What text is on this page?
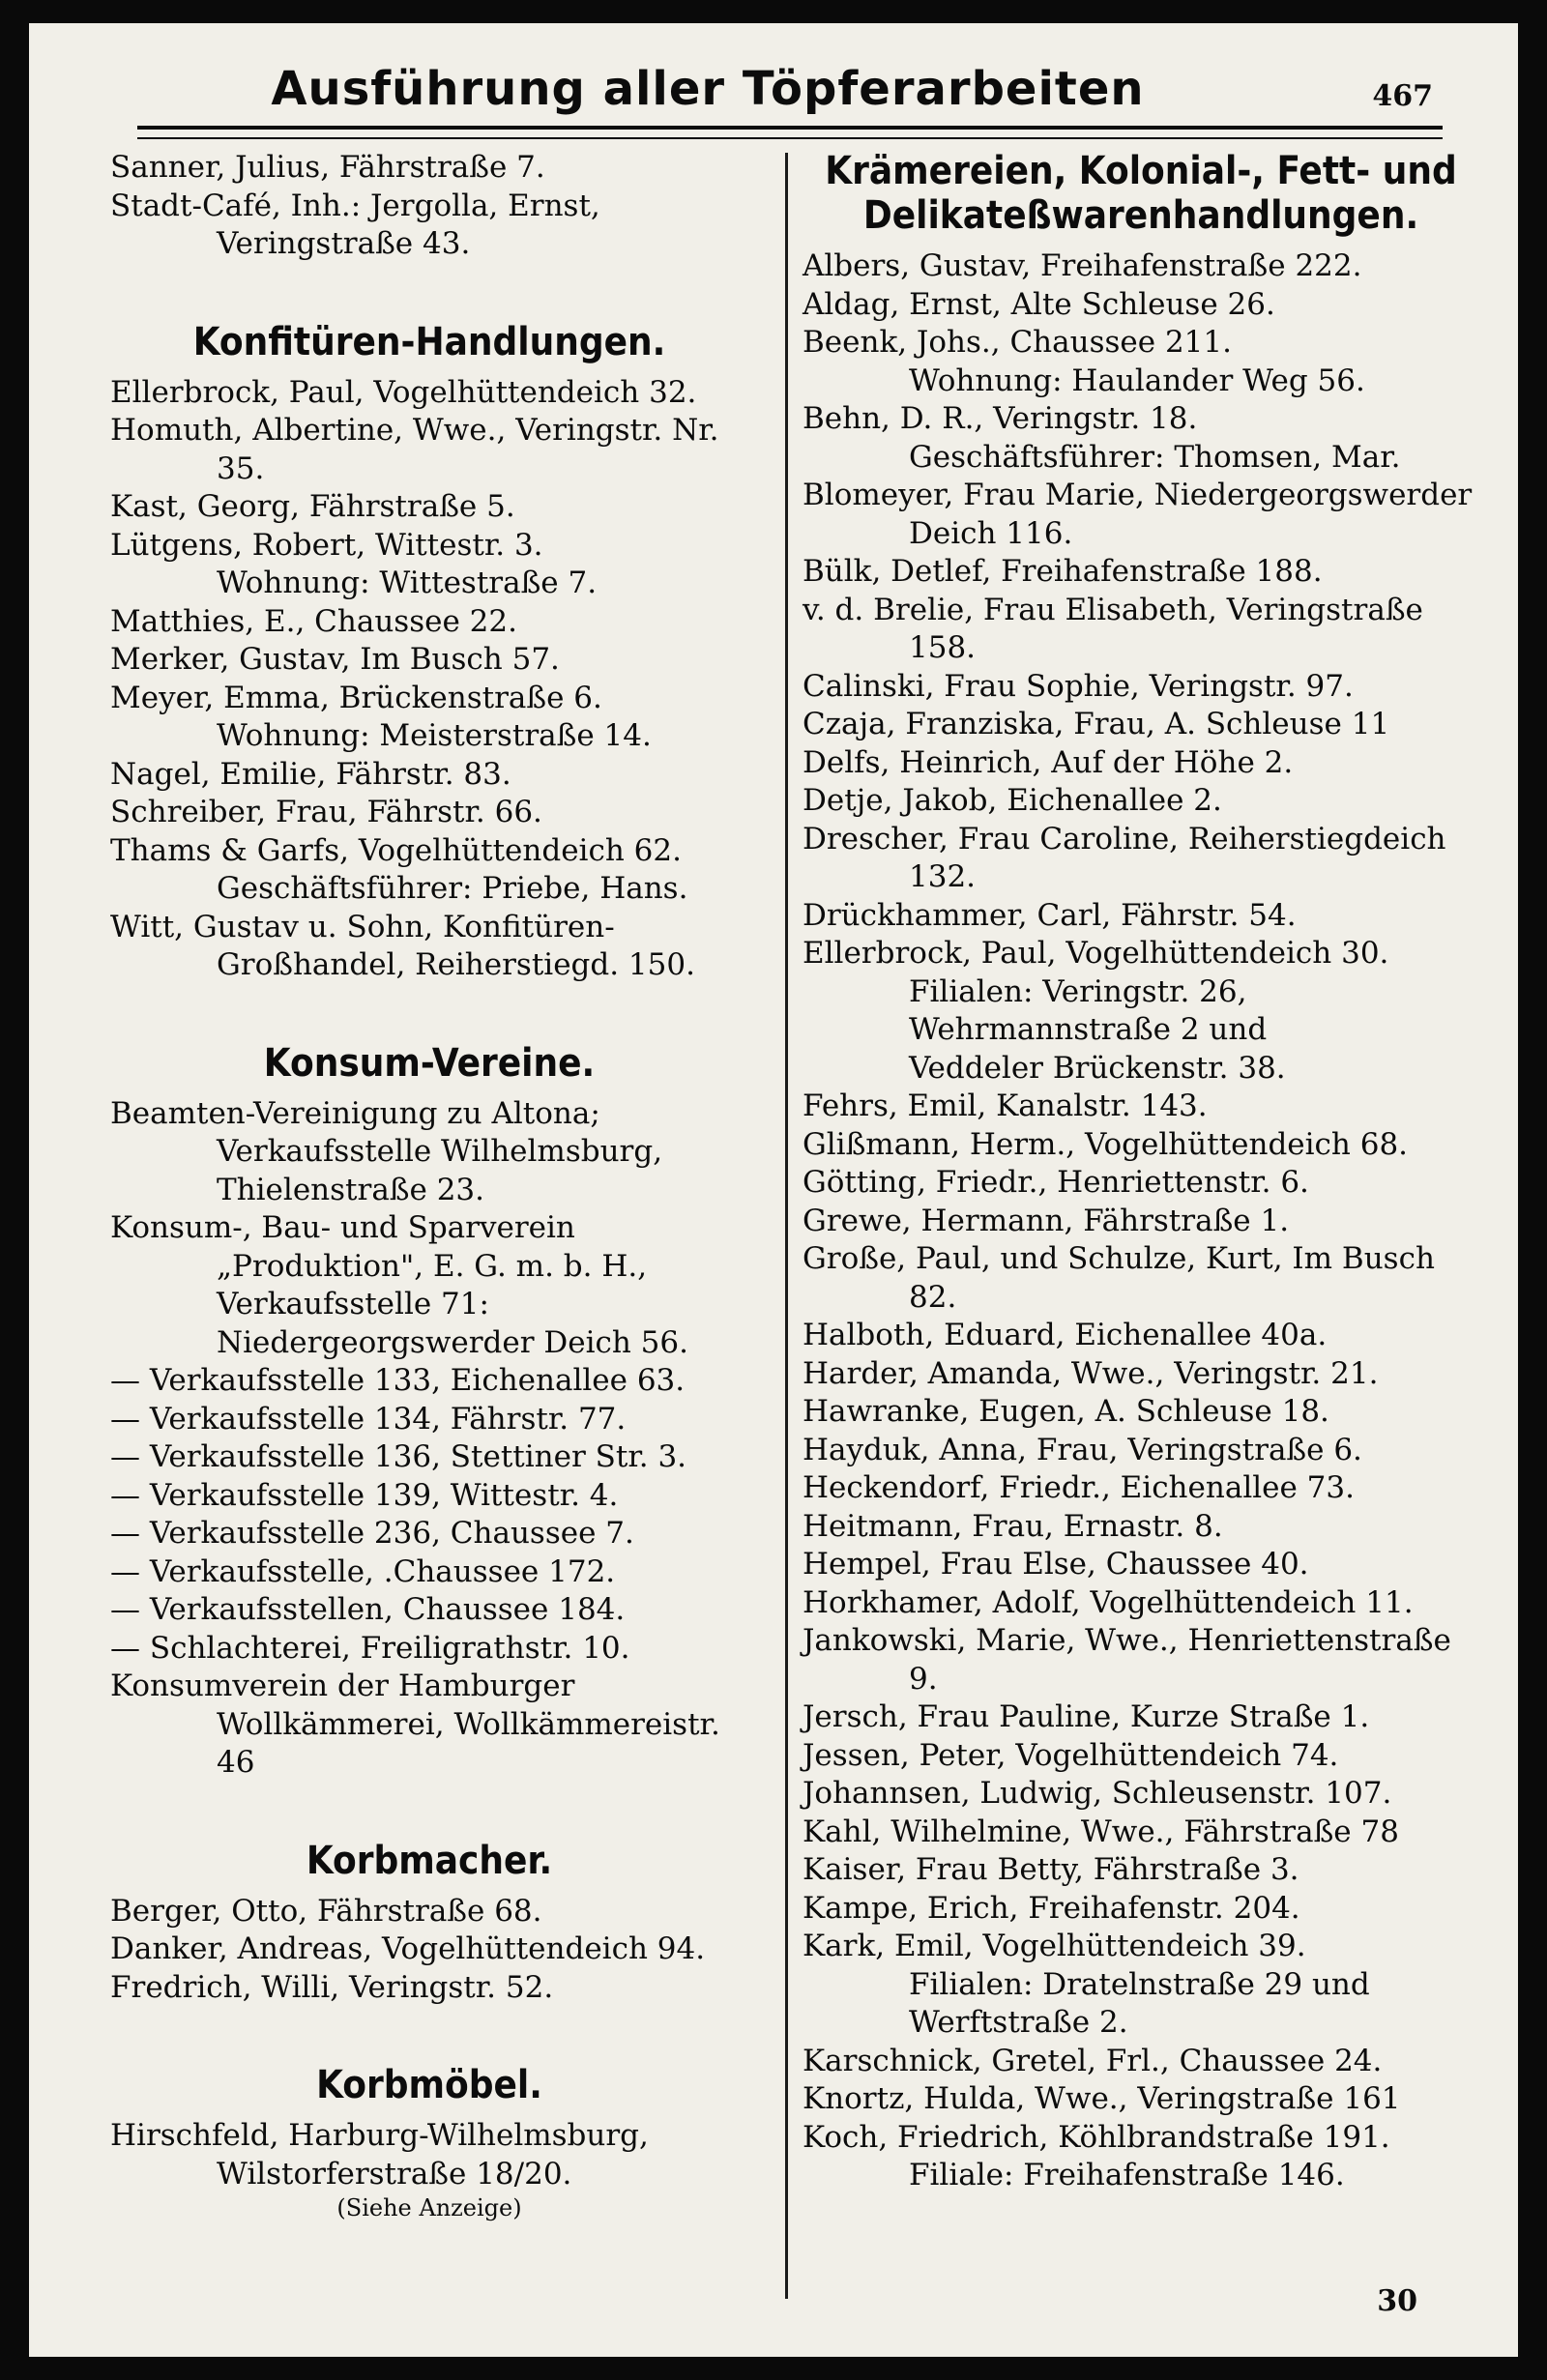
Ausführung aller Töpferarbeiten	467

Sanner, Julius, Fährstraße 7.

Stadt-Café, Inh.: Jergolla, Ernst, Veringstraße 43.

Konfitüren-Handlungen.

Ellerbrock, Paul, Vogelhüttendeich 32.

Homuth, Albertine, Wwe., Veringstr. Nr. 35.

Kast, Georg, Fährstraße 5.

Lütgens, Robert, Wittestr. 3.

Wohnung: Wittestraße 7.

Matthies, E., Chaussee 22.

Merker, Gustav, Im Busch 57.

Meyer, Emma, Brückenstraße 6.

Wohnung: Meisterstraße 14.

Nagel, Emilie, Fährstr. 83.

Schreiber, Frau, Fährstr. 66.

Thams & Garfs, Vogelhüttendeich 62.

Geschäftsführer: Priebe, Hans.

Witt, Gustav u. Sohn, Konfitüren-Großhandel, Reiherstiegd. 150.

Konsum-Vereine.

Beamten-Vereinigung zu Altona; Verkaufsstelle Wilhelmsburg, Thielenstraße 23.

Konsum-, Bau- und Sparverein „Produktion", E. G. m. b. H., Verkaufsstelle 71: Niedergeorgswerder Deich 56.

— Verkaufsstelle 133, Eichenallee 63.

— Verkaufsstelle 134, Fährstr. 77.

— Verkaufsstelle 136, Stettiner Str. 3.

— Verkaufsstelle 139, Wittestr. 4.

— Verkaufsstelle 236, Chaussee 7.

— Verkaufsstelle, .Chaussee 172.

— Verkaufsstellen, Chaussee 184.

— Schlachterei, Freiligrathstr. 10.

Konsumverein der Hamburger Wollkämmerei, Wollkämmereistr. 46

Korbmacher.

Berger, Otto, Fährstraße 68.

Danker, Andreas, Vogelhüttendeich 94.

Fredrich, Willi, Veringstr. 52.

Korbmöbel.

Hirschfeld, Harburg-Wilhelmsburg, Wilstorferstraße 18/20.

(Siehe Anzeige)
Krämereien, Kolonial-, Fett- und Delikateßwarenhandlungen.

Albers, Gustav, Freihafenstraße 222.

Aldag, Ernst, Alte Schleuse 26.

Beenk, Johs., Chaussee 211.

Wohnung: Haulander Weg 56.

Behn, D. R., Veringstr. 18.

Geschäftsführer: Thomsen, Mar.

Blomeyer, Frau Marie, Niedergeorgswerder Deich 116.

Bülk, Detlef, Freihafenstraße 188.

v. d. Brelie, Frau Elisabeth, Veringstraße 158.

Calinski, Frau Sophie, Veringstr. 97.

Czaja, Franziska, Frau, A. Schleuse 11

Delfs, Heinrich, Auf der Höhe 2.

Detje, Jakob, Eichenallee 2.

Drescher, Frau Caroline, Reiherstiegdeich 132.

Drückhammer, Carl, Fährstr. 54.

Ellerbrock, Paul, Vogelhüttendeich 30.

Filialen: Veringstr. 26,

Wehrmannstraße 2 und

Veddeler Brückenstr. 38.

Fehrs, Emil, Kanalstr. 143.

Glißmann, Herm., Vogelhüttendeich 68.

Götting, Friedr., Henriettenstr. 6.

Grewe, Hermann, Fährstraße 1.

Große, Paul, und Schulze, Kurt, Im Busch 82.

Halboth, Eduard, Eichenallee 40a.

Harder, Amanda, Wwe., Veringstr. 21.

Hawranke, Eugen, A. Schleuse 18.

Hayduk, Anna, Frau, Veringstraße 6.

Heckendorf, Friedr., Eichenallee 73.

Heitmann, Frau, Ernastr. 8.

Hempel, Frau Else, Chaussee 40.

Horkhamer, Adolf, Vogelhüttendeich 11.

Jankowski, Marie, Wwe., Henriettenstraße 9.

Jersch, Frau Pauline, Kurze Straße 1.

Jessen, Peter, Vogelhüttendeich 74.

Johannsen, Ludwig, Schleusenstr. 107.

Kahl, Wilhelmine, Wwe., Fährstraße 78

Kaiser, Frau Betty, Fährstraße 3.

Kampe, Erich, Freihafenstr. 204.

Kark, Emil, Vogelhüttendeich 39.

Filialen: Dratelnstraße 29 und

Werftstraße 2.

Karschnick, Gretel, Frl., Chaussee 24.

Knortz, Hulda, Wwe., Veringstraße 161

Koch, Friedrich, Köhlbrandstraße 191.

Filiale: Freihafenstraße 146.

30
